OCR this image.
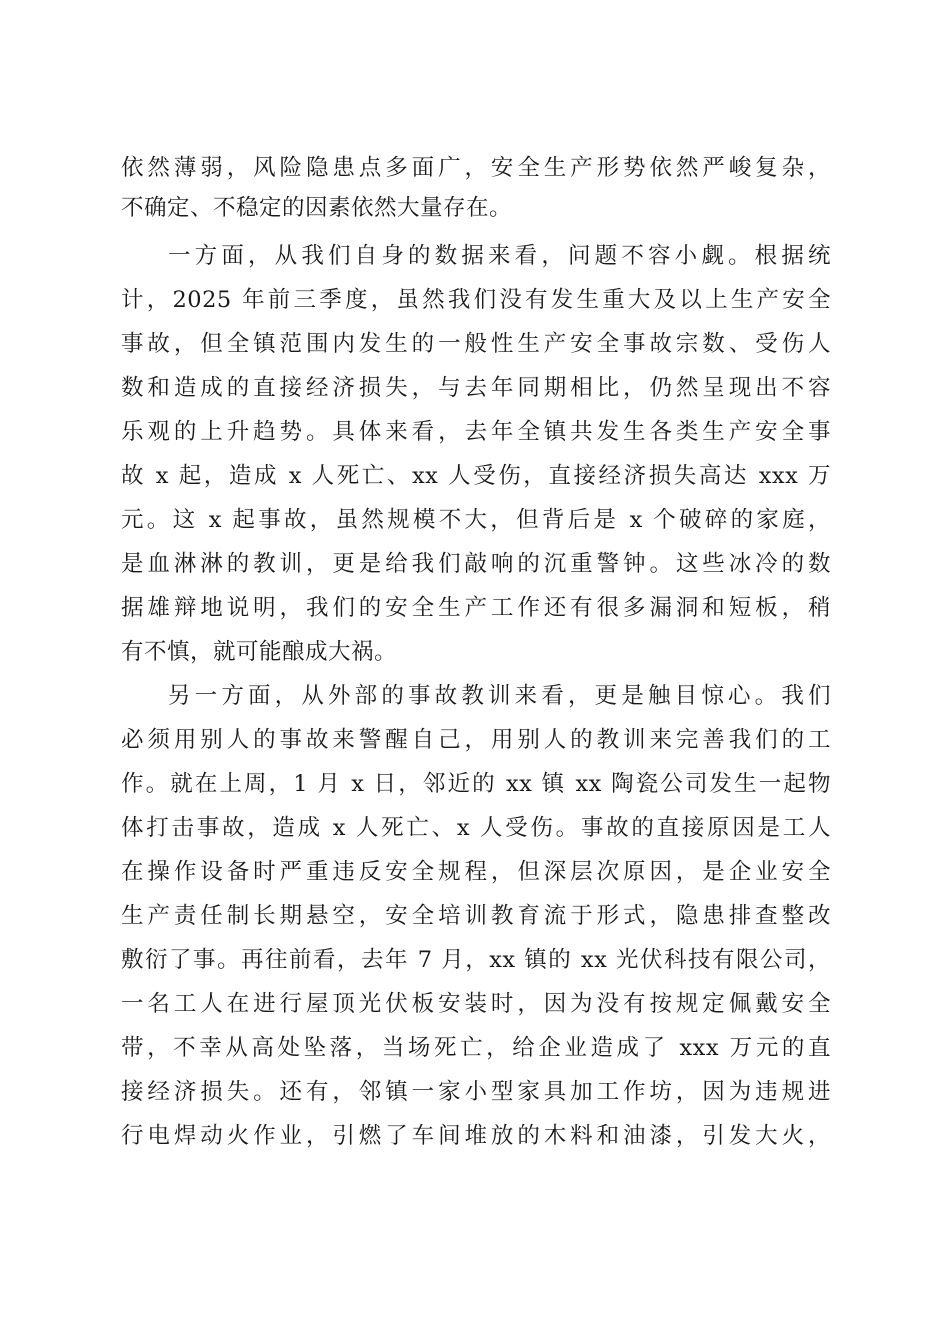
依然薄弱，风险隐患点多面广，安全生产形势依然严峻复杂，
不确定、不稳定的因素依然大量存在。
一方面，从我们自身的数据来看，问题不容小觑。根据统
计，2025 年前三季度，虽然我们没有发生重大及以上生产安全
事故，但全镇范围内发生的一般性生产安全事故宗数、受伤人
数和造成的直接经济损失，与去年同期相比，仍然呈现出不容
乐观的上升趋势。具体来看，去年全镇共发生各类生产安全事
故 x 起，造成 x 人死亡、xx 人受伤，直接经济损失高达 xxx 万
元。这 x 起事故，虽然规模不大，但背后是 x 个破碎的家庭，
是血淋淋的教训，更是给我们敲响的沉重警钟。这些冰冷的数
据雄辩地说明，我们的安全生产工作还有很多漏洞和短板，稍
有不慎，就可能酿成大祸。
另一方面，从外部的事故教训来看，更是触目惊心。我们
必须用别人的事故来警醒自己，用别人的教训来完善我们的工
作。就在上周，1 月 x 日，邻近的 xx 镇 xx 陶瓷公司发生一起物
体打击事故，造成 x 人死亡、x 人受伤。事故的直接原因是工人
在操作设备时严重违反安全规程，但深层次原因，是企业安全
生产责任制长期悬空，安全培训教育流于形式，隐患排查整改
敷衍了事。再往前看，去年 7 月，xx 镇的 xx 光伏科技有限公司，
一名工人在进行屋顶光伏板安装时，因为没有按规定佩戴安全
带，不幸从高处坠落，当场死亡，给企业造成了 xxx 万元的直
接经济损失。还有，邻镇一家小型家具加工作坊，因为违规进
行电焊动火作业，引燃了车间堆放的木料和油漆，引发大火，
